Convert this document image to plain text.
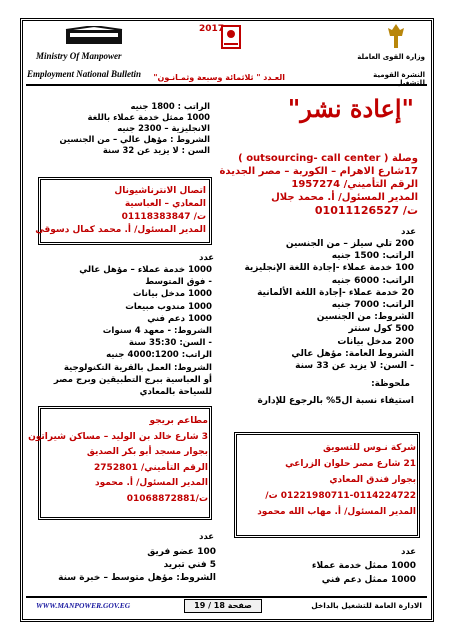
Ministry Of Manpower
Employment National Bulletin
2017
العـدد " ثلاثمائة وسبعة وثمـانـون"
وزارة القوى العاملة
النشرة القومية للتشغيل
الراتب : 1800 جنيه
1000 ممثل خدمة عملاء باللغة
الانجليزية – 2300 جنيه
الشروط : مؤهل عالي – من الجنسين
السن : لا يزيد عن 32 سنة
"إعادة نشر"
وصلة ( outsourcing- call center )
17شارع الاهرام – الكوربة – مصر الجديدة
الرقم التأميني/ 1957274
المدير المسئول/ أ. محمد جلال
ت/ 01011126527
عدد
200 تلي سيلز – من الجنسين
الراتب: 1500 جنيه
100 خدمة عملاء -إجادة اللغة الإنجليزية
الراتب: 6000 جنيه
20 خدمة عملاء -إجادة اللغة الألمانية
الراتب: 7000 جنيه
الشروط: من الجنسين
500 كول سنتر
200 مدخل بيانات
الشروط العامة: مؤهل عالي
- السن: لا يزيد عن 33 سنة
ملحوظة:
استيفاء نسبة ال5% بالرجوع للإدارة
اتصال الانترناشيونال
المعادي – العباسية
ت/ 01118383847
المدير المسئول/ أ. محمد كمال دسوقي
عدد
1000 خدمة عملاء – مؤهل عالي
- فوق المتوسط
1000 مدخل بيانات
1000 مندوب مبيعات
1000 دعم فني
الشروط: - معهد 4 سنوات
- السن: 35:30 سنة
الراتب: 4000:1200 جنيه
الشروط: العمل بالقرية التكنولوجية
أو العباسية ببرج التطبيقين وبرج مصر
للسياحة بالمعادي
مطاعم بريجو
3 شارع خالد بن الوليد – مساكن شيراتون
بجوار مسجد أبو بكر الصديق
الرقم التأميني/ 2752801
المدير المسئول/ أ. محمود
ت/01068872881
عدد
100 عضو فريق
5 فني تبريد
الشروط: مؤهل متوسط – خبرة سنة
شركة نـوس للتسويق
21 شارع مصر حلوان الزراعي
بجوار فندق المعادي
01221980711-0114224722 ت/
المدير المسئول/ أ. مهاب الله محمود
عدد
1000 ممثل خدمة عملاء
1000 ممثل دعم فني
WWW.MANPOWER.GOV.EG	صفحة 18 / 19	الادارة العامة للتشغيل بالداخل
